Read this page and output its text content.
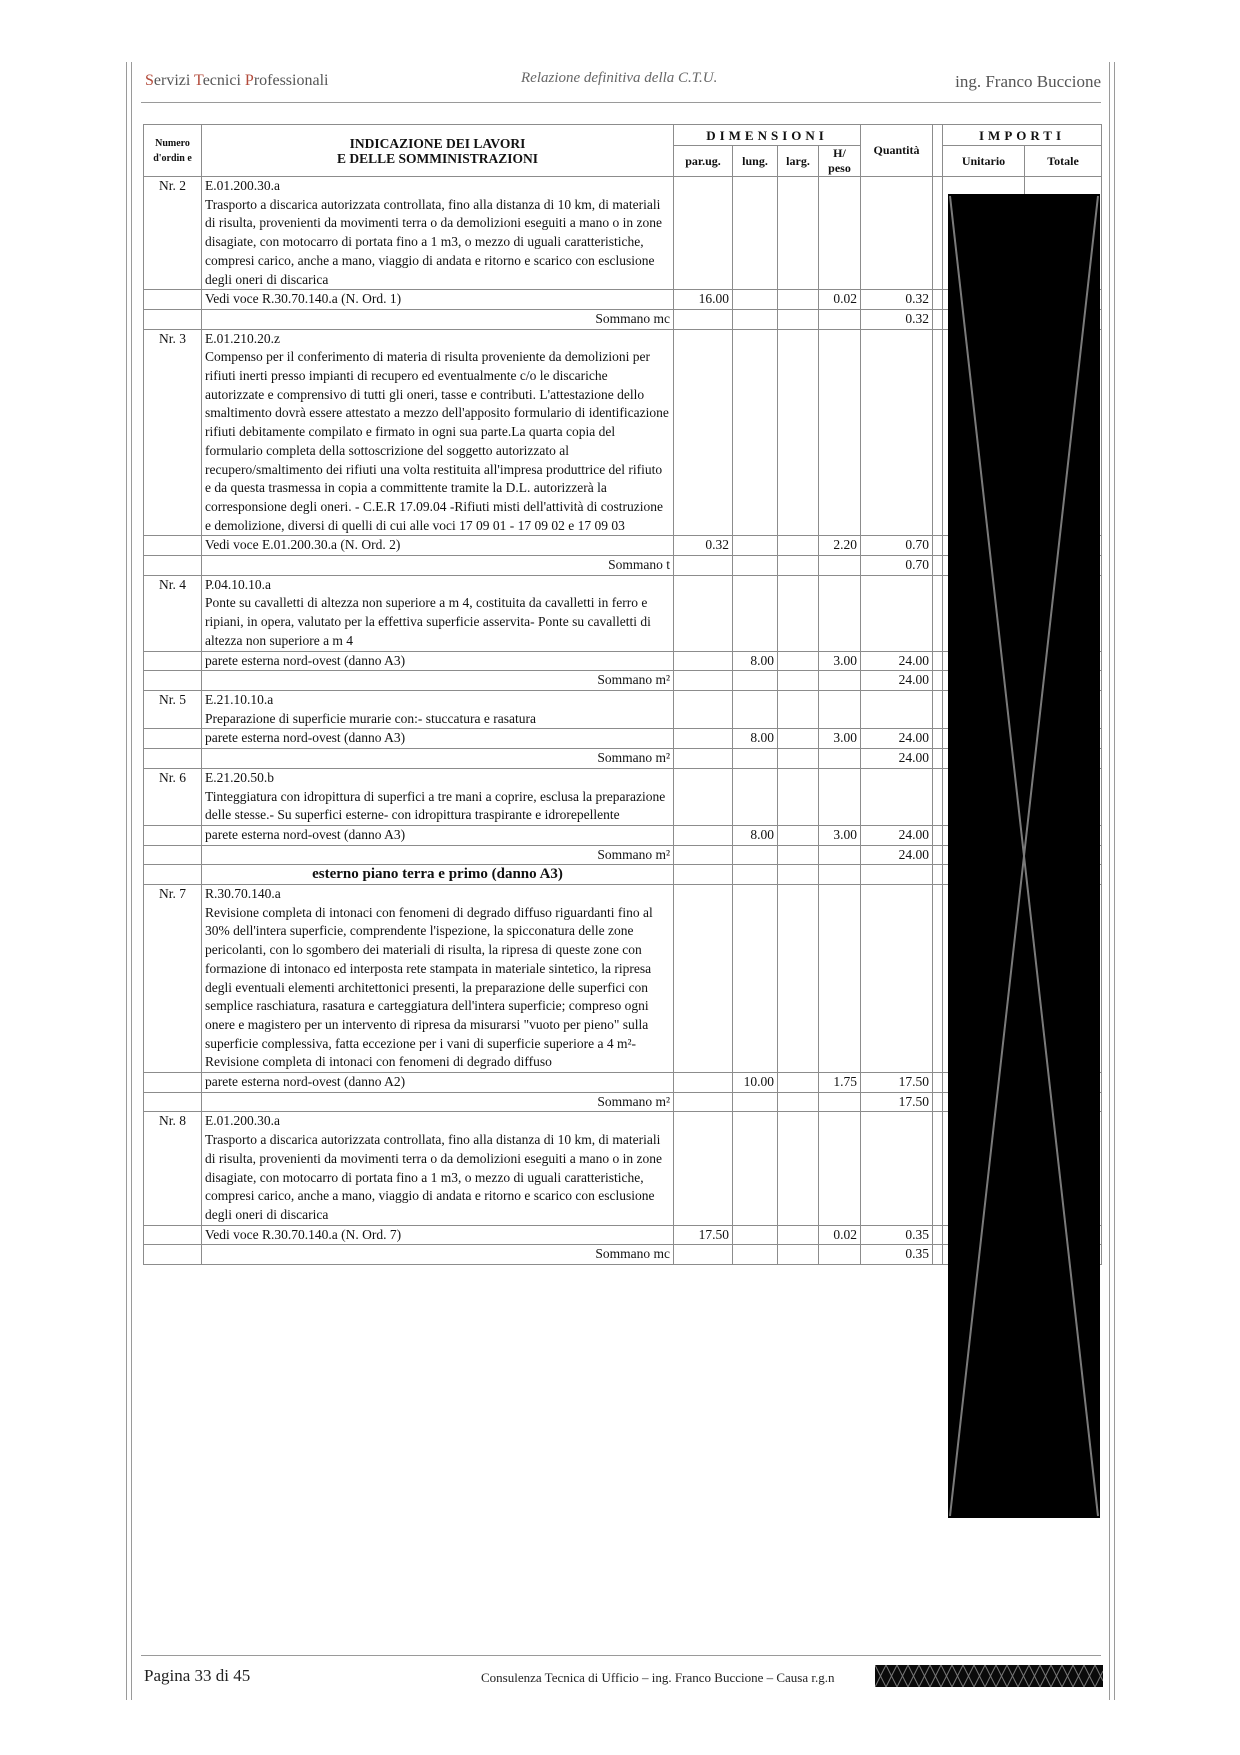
Servizi Tecnici Professionali	Relazione definitiva della C.T.U.	ing. Franco Buccione
Numero d'ordin e	INDICAZIONE DEI LAVORI
E DELLE SOMMINISTRAZIONI	DIMENSIONI				Quantità		IMPORTI	
		par.ug.	lung.	larg.	H/ peso			Unitario	Totale
Nr. 2	E.01.200.30.a
Trasporto a discarica autorizzata controllata, fino alla distanza di 10 km, di materiali di risulta, provenienti da movimenti terra o da demolizioni eseguiti a mano o in zone disagiate, con motocarro di portata fino a 1 m3, o mezzo di uguali caratteristiche, compresi carico, anche a mano, viaggio di andata e ritorno e scarico con esclusione degli oneri di discarica								

	Vedi voce R.30.70.140.a (N. Ord. 1)	16.00			0.02	0.32			
	Sommano mc					0.32			
Nr. 3	E.01.210.20.z
Compenso per il conferimento di materia di risulta proveniente da demolizioni per rifiuti inerti presso impianti di recupero ed eventualmente c/o le discariche autorizzate e comprensivo di tutti gli oneri, tasse e contributi. L'attestazione dello smaltimento dovrà essere attestato a mezzo dell'apposito formulario di identificazione rifiuti debitamente compilato e firmato in ogni sua parte.La quarta copia del formulario completa della sottoscrizione del soggetto autorizzato al recupero/smaltimento dei rifiuti una volta restituita all'impresa produttrice del rifiuto e da questa trasmessa in copia a committente tramite la D.L. autorizzerà la corresponsione degli oneri. - C.E.R 17.09.04 -Rifiuti misti dell'attività di costruzione e demolizione, diversi di quelli di cui alle voci 17 09 01 - 17 09 02 e 17 09 03								

	Vedi voce E.01.200.30.a (N. Ord. 2)	0.32			2.20	0.70			
	Sommano t					0.70			
Nr. 4	P.04.10.10.a
Ponte su cavalletti di altezza non superiore a m 4, costituita da cavalletti in ferro e ripiani, in opera, valutato per la effettiva superficie asservita- Ponte su cavalletti di altezza non superiore a m 4								

	parete esterna nord-ovest (danno A3)		8.00		3.00	24.00			
	Sommano m²					24.00			
Nr. 5	E.21.10.10.a
Preparazione di superficie murarie con:- stuccatura e rasatura								

	parete esterna nord-ovest (danno A3)		8.00		3.00	24.00			
	Sommano m²					24.00			
Nr. 6	E.21.20.50.b
Tinteggiatura con idropittura di superfici a tre mani a coprire, esclusa la preparazione delle stesse.- Su superfici esterne- con idropittura traspirante e idrorepellente								

	parete esterna nord-ovest (danno A3)		8.00		3.00	24.00			
	Sommano m²					24.00			
	esterno piano terra e primo (danno A3)								
Nr. 7	R.30.70.140.a
Revisione completa di intonaci con fenomeni di degrado diffuso riguardanti fino al 30% dell'intera superficie, comprendente l'ispezione, la spicconatura delle zone pericolanti, con lo sgombero dei materiali di risulta, la ripresa di queste zone con formazione di intonaco ed interposta rete stampata in materiale sintetico, la ripresa degli eventuali elementi architettonici presenti, la preparazione delle superfici con semplice raschiatura, rasatura e carteggiatura dell'intera superficie; compreso ogni onere e magistero per un intervento di ripresa da misurarsi "vuoto per pieno" sulla superficie complessiva, fatta eccezione per i vani di superficie superiore a 4 m²- Revisione completa di intonaci con fenomeni di degrado diffuso								

	parete esterna nord-ovest (danno A2)		10.00		1.75	17.50			
	Sommano m²					17.50			
Nr. 8	E.01.200.30.a
Trasporto a discarica autorizzata controllata, fino alla distanza di 10 km, di materiali di risulta, provenienti da movimenti terra o da demolizioni eseguiti a mano o in zone disagiate, con motocarro di portata fino a 1 m3, o mezzo di uguali caratteristiche, compresi carico, anche a mano, viaggio di andata e ritorno e scarico con esclusione degli oneri di discarica								

	Vedi voce R.30.70.140.a (N. Ord. 7)	17.50			0.02	0.35			
	Sommano mc					0.35			
Pagina 33 di 45	Consulenza Tecnica di Ufficio – ing. Franco Buccione – Causa r.g.n
